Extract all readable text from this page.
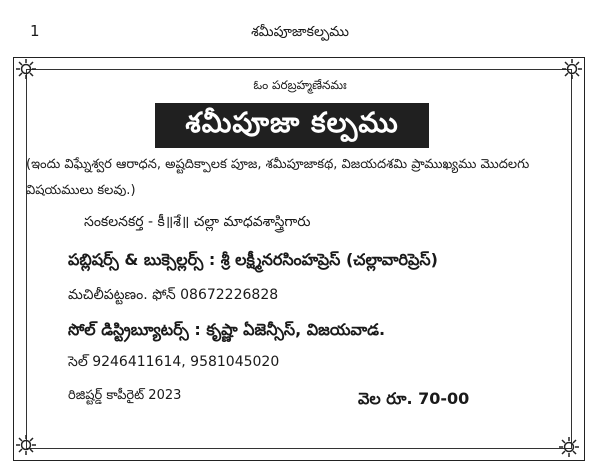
1	శమీపూజాకల్పము
ఓం పరబ్రహ్మణేనమః
శమీపూజా కల్పము
(ఇందు విఘ్నేశ్వర ఆరాధన, అష్టదిక్పాలక పూజ, శమీపూజాకథ, విజయదశమి ప్రాముఖ్యము మొదలగు విషయములు కలవు.)
సంకలనకర్త - కీ॥శే॥ చల్లా మాధవశాస్త్రిగారు
పబ్లిషర్స్ & బుక్సెల్లర్స్ : శ్రీ లక్ష్మీనరసింహప్రెస్ (చల్లావారిప్రెస్)
మచిలీపట్టణం. ఫోన్ 08672226828
సోల్ డిస్ట్రిబ్యూటర్స్ : కృష్ణా ఏజెన్సీస్, విజయవాడ.
సెల్ 9246411614, 9581045020
రిజిష్టర్డ్ కాపీరైట్ 2023	వెల రూ. 70-00
